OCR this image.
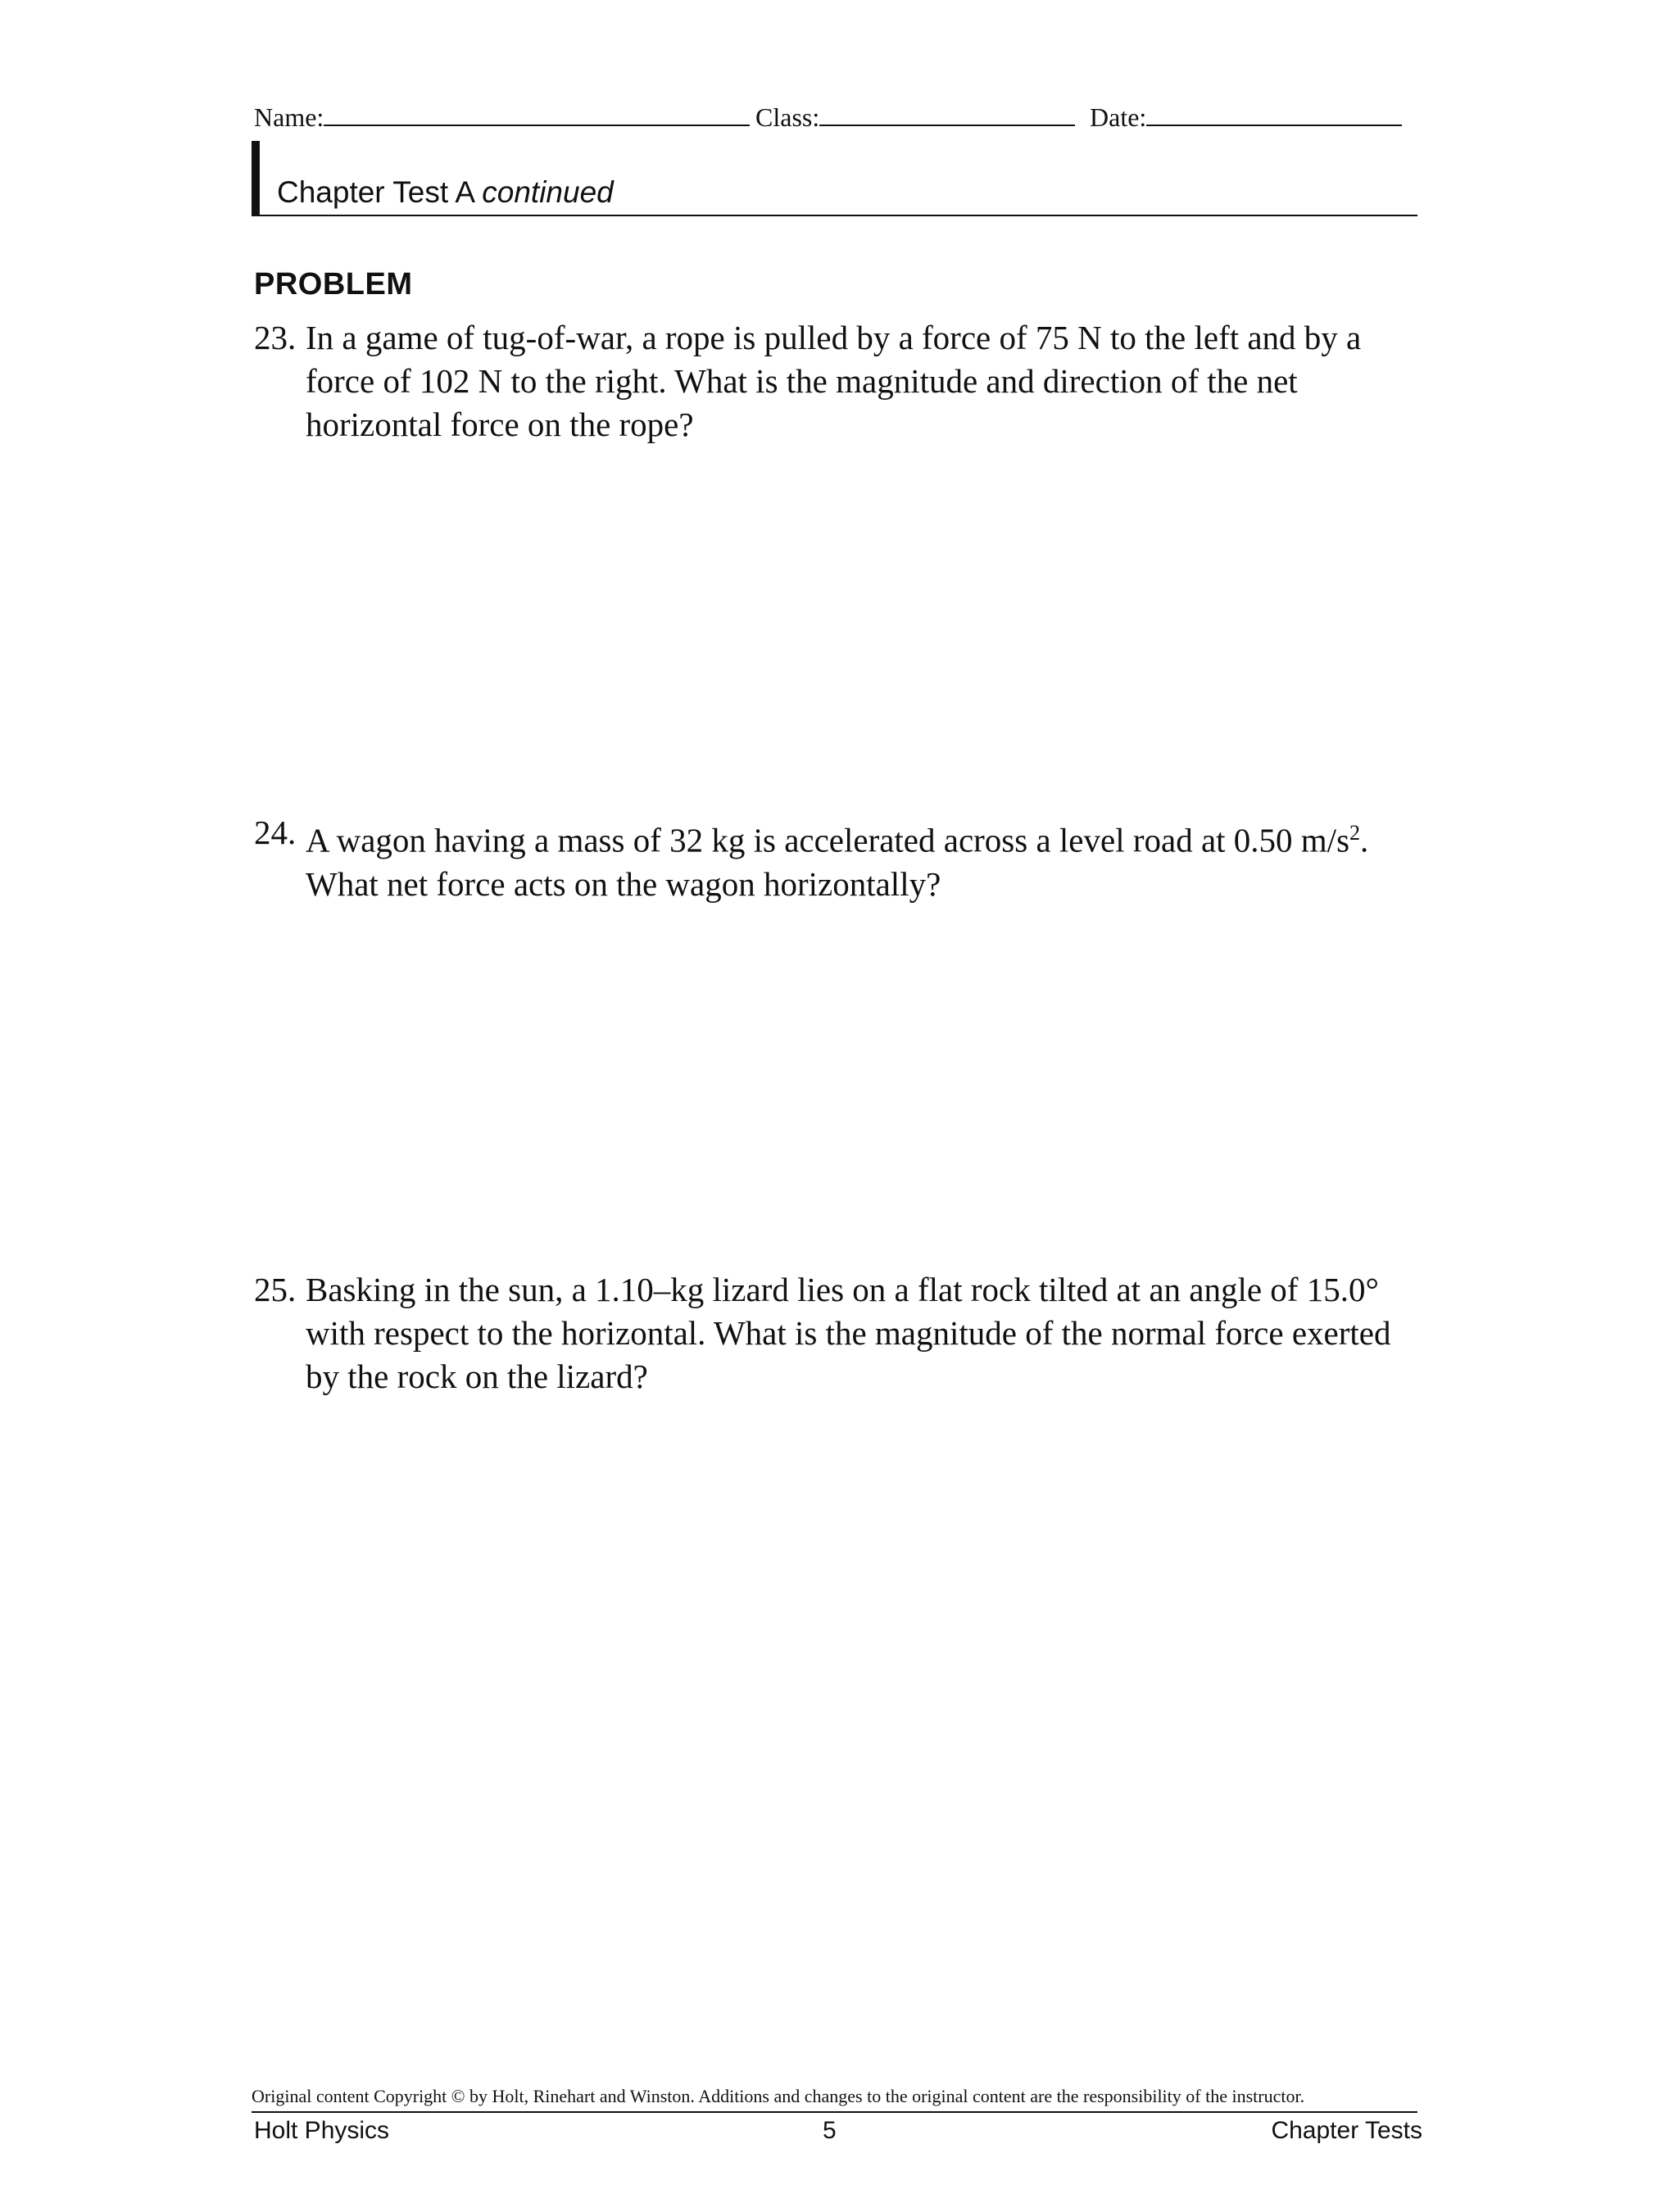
Name:	Class:	Date:
Chapter Test A continued
PROBLEM
23. In a game of tug-of-war, a rope is pulled by a force of 75 N to the left and by a force of 102 N to the right. What is the magnitude and direction of the net horizontal force on the rope?
24. A wagon having a mass of 32 kg is accelerated across a level road at 0.50 $m/s^2$. What net force acts on the wagon horizontally?
25. Basking in the sun, a 1.10–kg lizard lies on a flat rock tilted at an angle of 15.0° with respect to the horizontal. What is the magnitude of the normal force exerted by the rock on the lizard?
Original content Copyright © by Holt, Rinehart and Winston. Additions and changes to the original content are the responsibility of the instructor.
Holt Physics	5	Chapter Tests
